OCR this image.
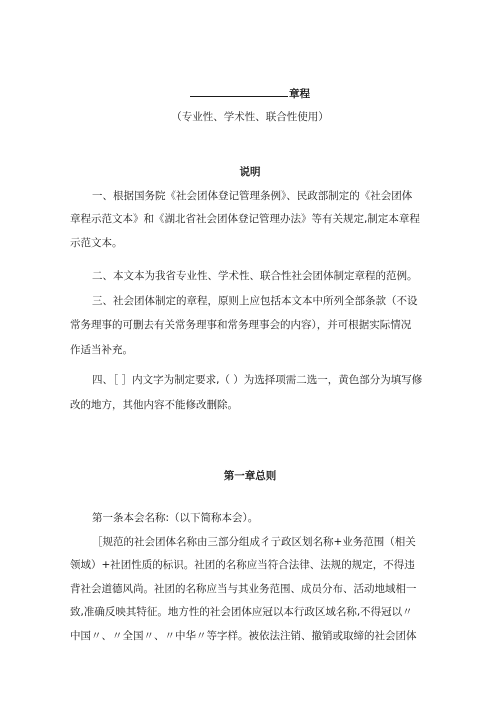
章程
（专业性、学术性、联合性使用）
说明
一、根据国务院《社会团体登记管理条例》、民政部制定的《社会团体
章程示范文本》和《湖北省社会团体登记管理办法》等有关规定,制定本章程
示范文本。
二、本文本为我省专业性、学术性、联合性社会团体制定章程的范例。
三、社会团体制定的章程，原则上应包括本文本中所列全部条款（不设
常务理事的可删去有关常务理事和常务理事会的内容），并可根据实际情况
作适当补充。
四、［ ］内文字为制定要求,（ ）为选择项需二选一，黄色部分为填写修
改的地方，其他内容不能修改删除。
第一章总则
第一条本会名称:（以下简称本会）。
［规范的社会团体名称由三部分组成彳亍政区划名称+业务范围（相关
领域）+社团性质的标识。社团的名称应当符合法律、法规的规定，不得违
背社会道德风尚。社团的名称应当与其业务范围、成员分布、活动地域相一
致,准确反映其特征。地方性的社会团体应冠以本行政区域名称,不得冠以〃
中国〃、〃全国〃、〃中华〃等字样。被依法注销、撤销或取缔的社会团体
